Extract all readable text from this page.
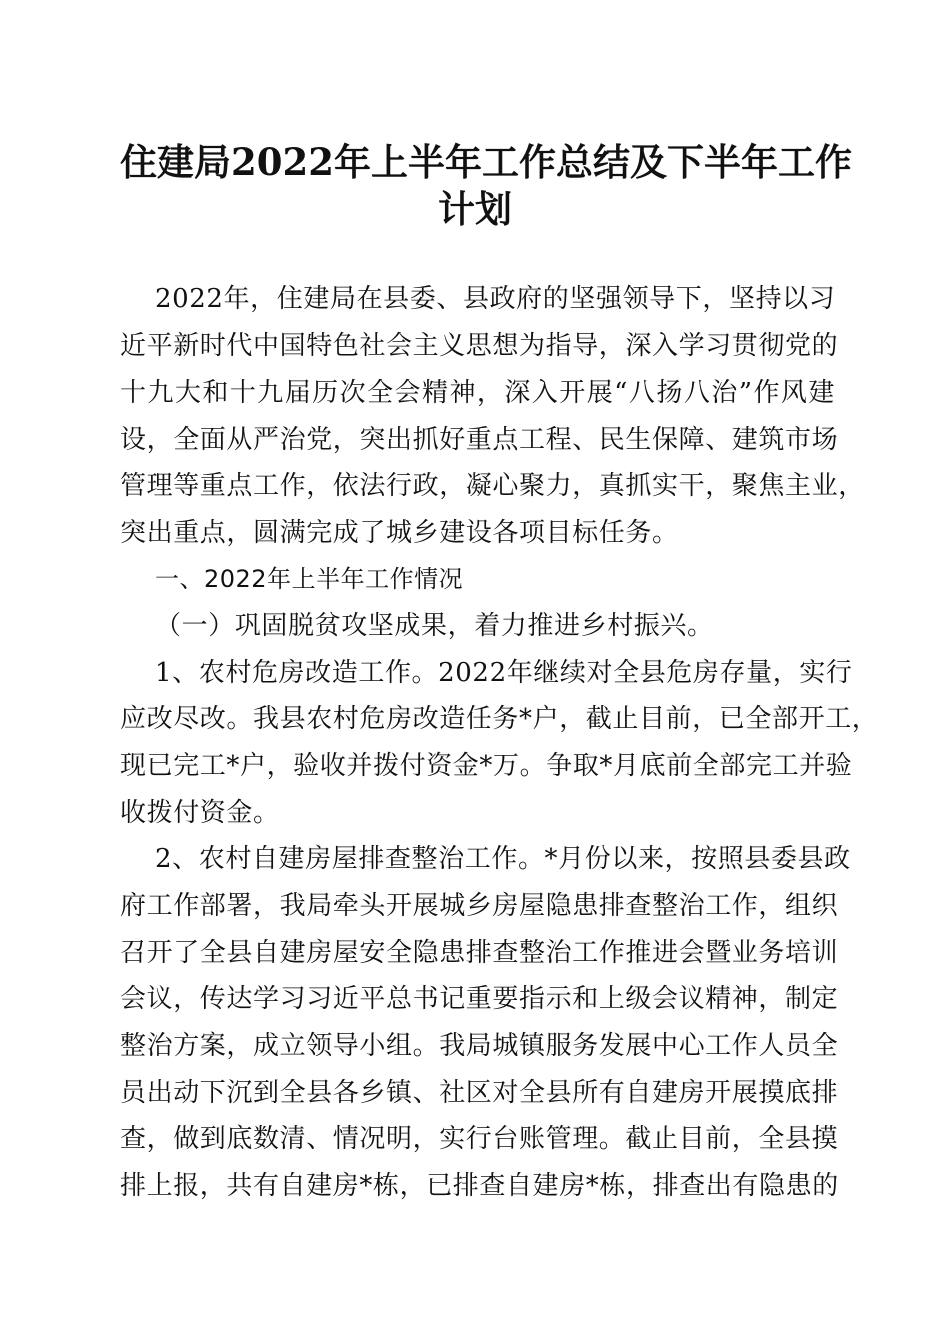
住建局2022年上半年工作总结及下半年工作
计划
2022年，住建局在县委、县政府的坚强领导下，坚持以习
近平新时代中国特色社会主义思想为指导，深入学习贯彻党的
十九大和十九届历次全会精神，深入开展“八扬八治”作风建
设，全面从严治党，突出抓好重点工程、民生保障、建筑市场
管理等重点工作，依法行政，凝心聚力，真抓实干，聚焦主业，
突出重点，圆满完成了城乡建设各项目标任务。
一、2022年上半年工作情况
（一）巩固脱贫攻坚成果，着力推进乡村振兴。
1、农村危房改造工作。2022年继续对全县危房存量，实行
应改尽改。我县农村危房改造任务*户，截止目前，已全部开工，
现已完工*户，验收并拨付资金*万。争取*月底前全部完工并验
收拨付资金。
2、农村自建房屋排查整治工作。*月份以来，按照县委县政
府工作部署，我局牵头开展城乡房屋隐患排查整治工作，组织
召开了全县自建房屋安全隐患排查整治工作推进会暨业务培训
会议，传达学习习近平总书记重要指示和上级会议精神，制定
整治方案，成立领导小组。我局城镇服务发展中心工作人员全
员出动下沉到全县各乡镇、社区对全县所有自建房开展摸底排
查，做到底数清、情况明，实行台账管理。截止目前，全县摸
排上报，共有自建房*栋，已排查自建房*栋，排查出有隐患的
